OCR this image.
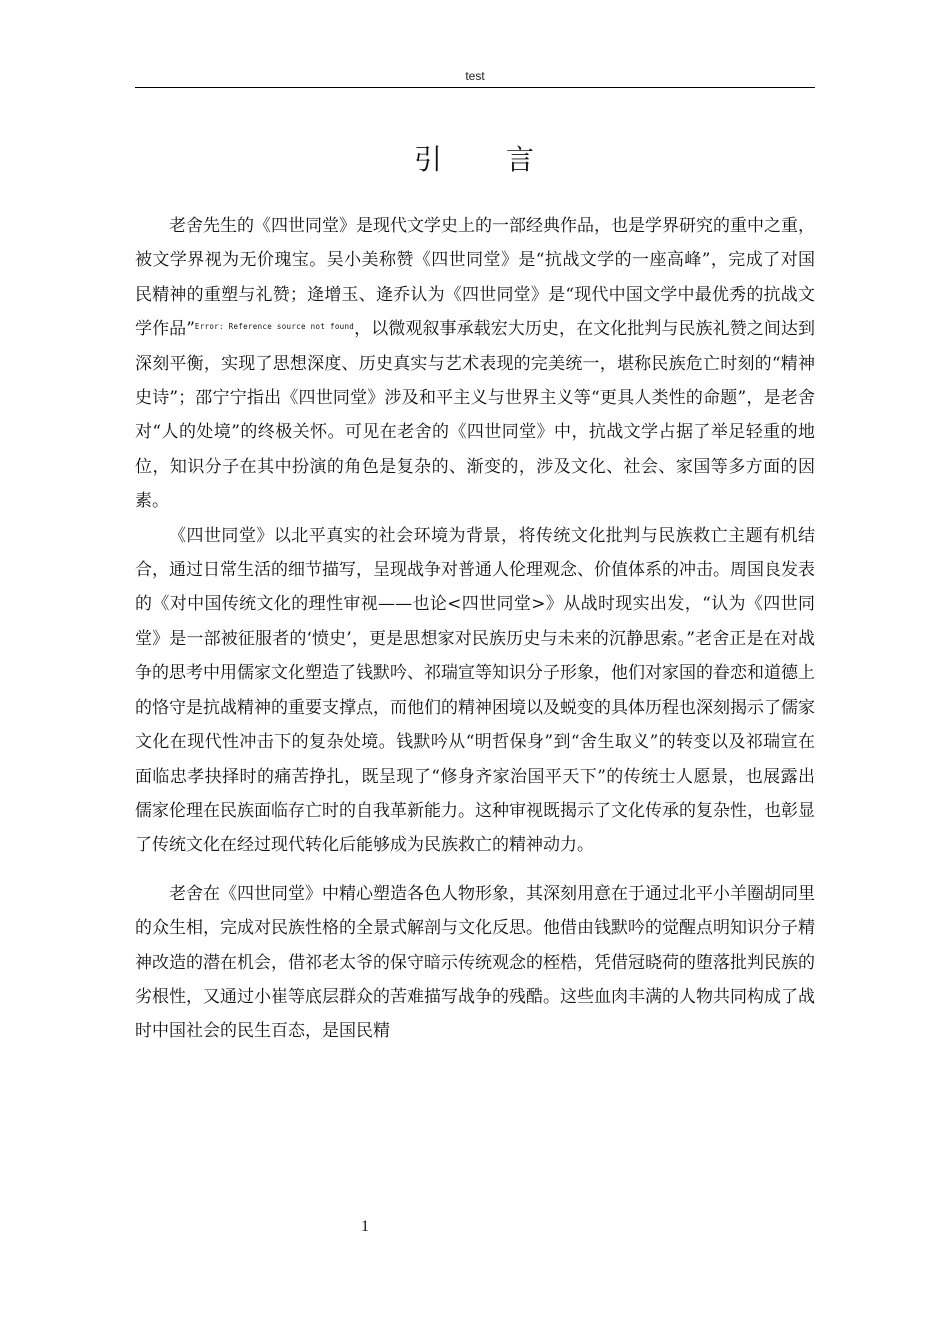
test
引 言

老舍先生的《四世同堂》是现代文学史上的一部经典作品，也是学界研究的重中之重，被文学界视为无价瑰宝。吴小美称赞《四世同堂》是“抗战文学的一座高峰”，完成了对国民精神的重塑与礼赞；逄增玉、逄乔认为《四世同堂》是“现代中国文学中最优秀的抗战文学作品”$^{Error: Reference source not found}$，以微观叙事承载宏大历史，在文化批判与民族礼赞之间达到深刻平衡，实现了思想深度、历史真实与艺术表现的完美统一，堪称民族危亡时刻的“精神史诗”；邵宁宁指出《四世同堂》涉及和平主义与世界主义等“更具人类性的命题”，是老舍对“人的处境”的终极关怀。可见在老舍的《四世同堂》中，抗战文学占据了举足轻重的地位，知识分子在其中扮演的角色是复杂的、渐变的，涉及文化、社会、家国等多方面的因素。

《四世同堂》以北平真实的社会环境为背景，将传统文化批判与民族救亡主题有机结合，通过日常生活的细节描写，呈现战争对普通人伦理观念、价值体系的冲击。周国良发表的《对中国传统文化的理性审视——也论<四世同堂>》从战时现实出发，“认为《四世同堂》是一部被征服者的‘愤史’，更是思想家对民族历史与未来的沉静思索。”老舍正是在对战争的思考中用儒家文化塑造了钱默吟、祁瑞宣等知识分子形象，他们对家国的眷恋和道德上的恪守是抗战精神的重要支撑点，而他们的精神困境以及蜕变的具体历程也深刻揭示了儒家文化在现代性冲击下的复杂处境。钱默吟从“明哲保身”到“舍生取义”的转变以及祁瑞宣在面临忠孝抉择时的痛苦挣扎，既呈现了“修身齐家治国平天下”的传统士人愿景，也展露出儒家伦理在民族面临存亡时的自我革新能力。这种审视既揭示了文化传承的复杂性，也彰显了传统文化在经过现代转化后能够成为民族救亡的精神动力。

老舍在《四世同堂》中精心塑造各色人物形象，其深刻用意在于通过北平小羊圈胡同里的众生相，完成对民族性格的全景式解剖与文化反思。他借由钱默吟的觉醒点明知识分子精神改造的潜在机会，借祁老太爷的保守暗示传统观念的桎梏，凭借冠晓荷的堕落批判民族的劣根性，又通过小崔等底层群众的苦难描写战争的残酷。这些血肉丰满的人物共同构成了战时中国社会的民生百态，是国民精

1
